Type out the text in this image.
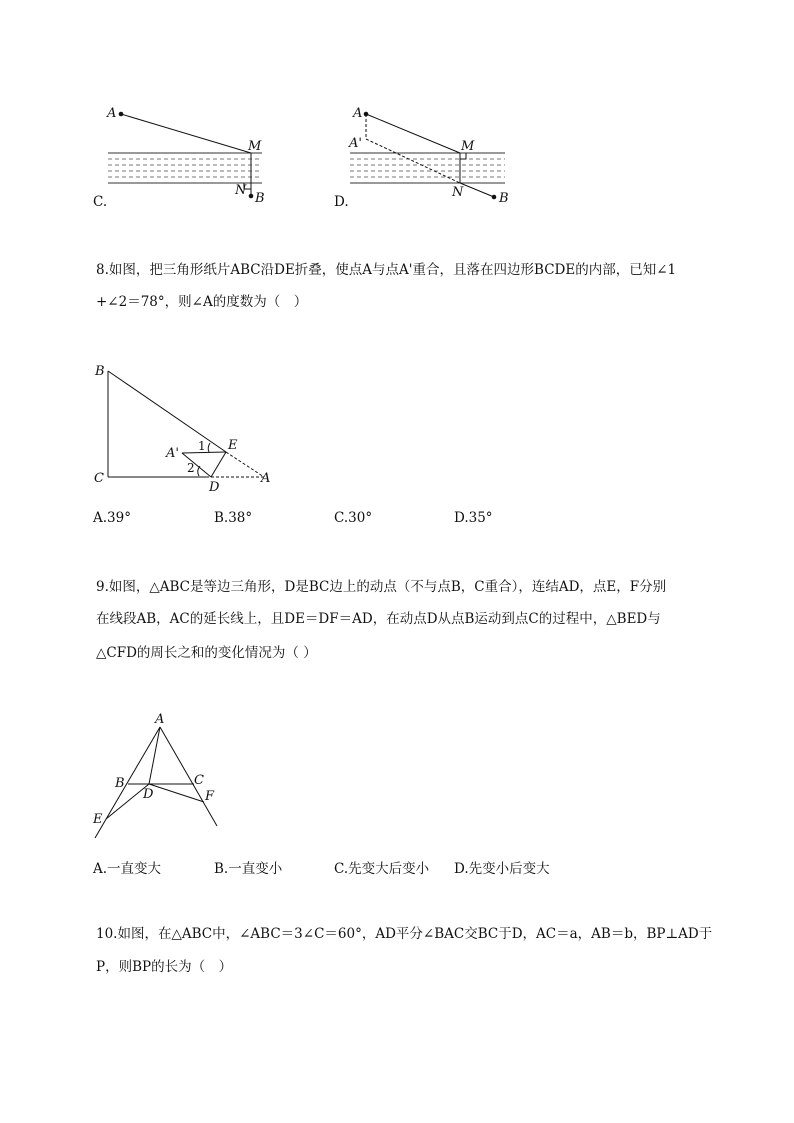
A
M
N
B
C.
A
A'	M
N	B
D.
8.如图，把三角形纸片ABC沿DE折叠，使点A与点A'重合，且落在四边形BCDE的内部，已知∠1
+∠2＝78°，则∠A的度数为（　）
B
C
A'
E
D
A
1
2
A.39°	B.38°	C.30°	D.35°
9.如图，△ABC是等边三角形，D是BC边上的动点（不与点B，C重合），连结AD，点E，F分别
在线段AB，AC的延长线上，且DE＝DF＝AD，在动点D从点B运动到点C的过程中，△BED与
△CFD的周长之和的变化情况为（ ）
A
B	C
D
E
F
A.一直变大	B.一直变小	C.先变大后变小 D.先变小后变大
10.如图，在△ABC中，∠ABC＝3∠C＝60°，AD平分∠BAC交BC于D，AC＝a，AB＝b，BP⊥AD于
P，则BP的长为（　）
